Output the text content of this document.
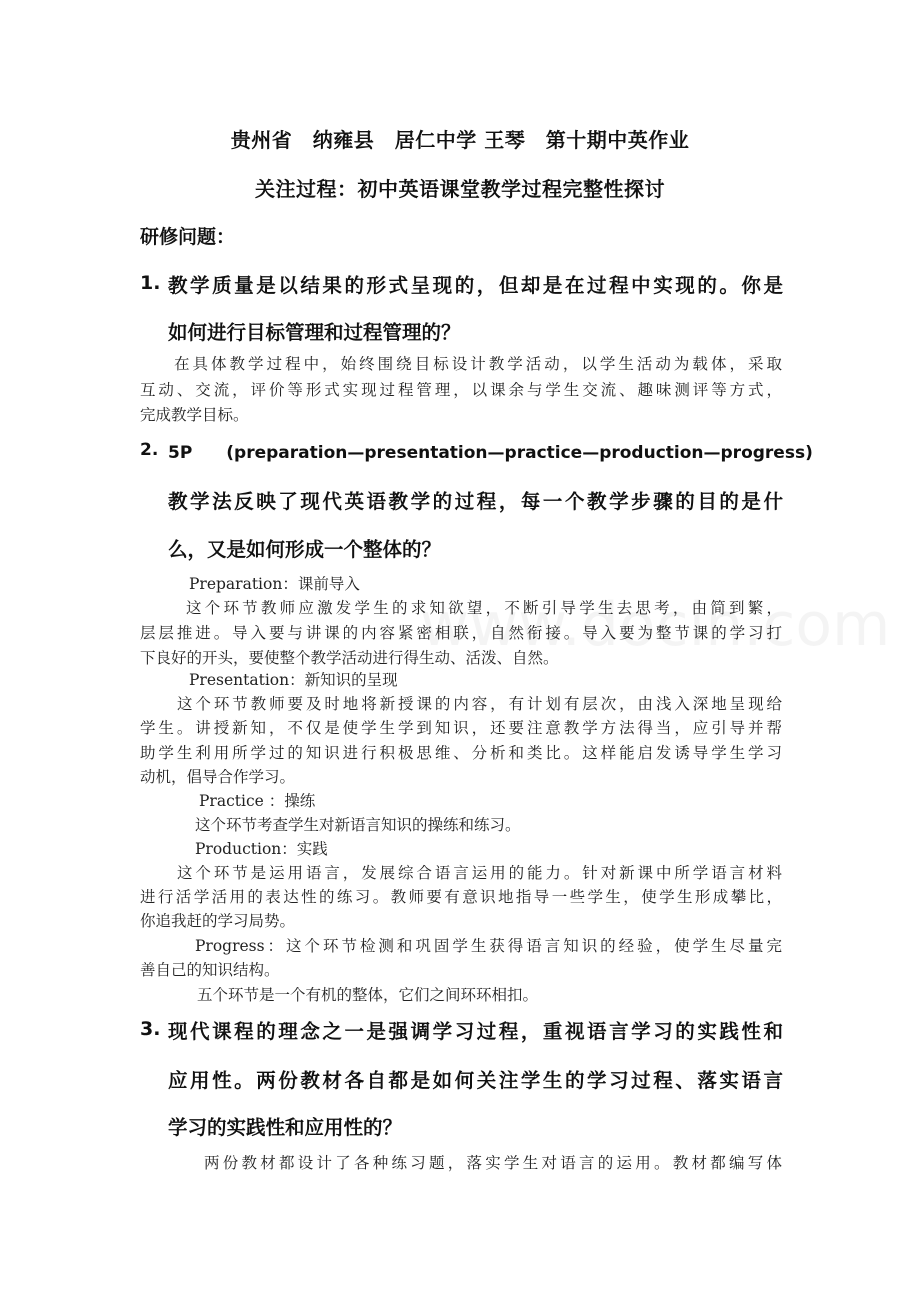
贵州省　纳雍县　居仁中学 王琴　第十期中英作业
关注过程：初中英语课堂教学过程完整性探讨
研修问题：
1. 教学质量是以结果的形式呈现的，但却是在过程中实现的。你是
如何进行目标管理和过程管理的？
在具体教学过程中，始终围绕目标设计教学活动，以学生活动为载体，采取
互动、交流，评价等形式实现过程管理，以课余与学生交流、趣味测评等方式，
完成教学目标。
2. 5P　　(preparation—presentation—practice—production—progress)
教学法反映了现代英语教学的过程，每一个教学步骤的目的是什
么，又是如何形成一个整体的？
Preparation：课前导入
这个环节教师应激发学生的求知欲望，不断引导学生去思考，由简到繁，
层层推进。导入要与讲课的内容紧密相联，自然衔接。导入要为整节课的学习打
下良好的开头，要使整个教学活动进行得生动、活泼、自然。
Presentation：新知识的呈现
这个环节教师要及时地将新授课的内容，有计划有层次，由浅入深地呈现给
学生。讲授新知，不仅是使学生学到知识，还要注意教学方法得当，应引导并帮
助学生利用所学过的知识进行积极思维、分析和类比。这样能启发诱导学生学习
动机，倡导合作学习。
Practice ：操练
这个环节考查学生对新语言知识的操练和练习。
Production：实践
这个环节是运用语言，发展综合语言运用的能力。针对新课中所学语言材料
进行活学活用的表达性的练习。教师要有意识地指导一些学生，使学生形成攀比，
你追我赶的学习局势。
Progress：这个环节检测和巩固学生获得语言知识的经验，使学生尽量完
善自己的知识结构。
五个环节是一个有机的整体，它们之间环环相扣。
3. 现代课程的理念之一是强调学习过程，重视语言学习的实践性和
应用性。两份教材各自都是如何关注学生的学习过程、落实语言
学习的实践性和应用性的？
两份教材都设计了各种练习题，落实学生对语言的运用。教材都编写体
